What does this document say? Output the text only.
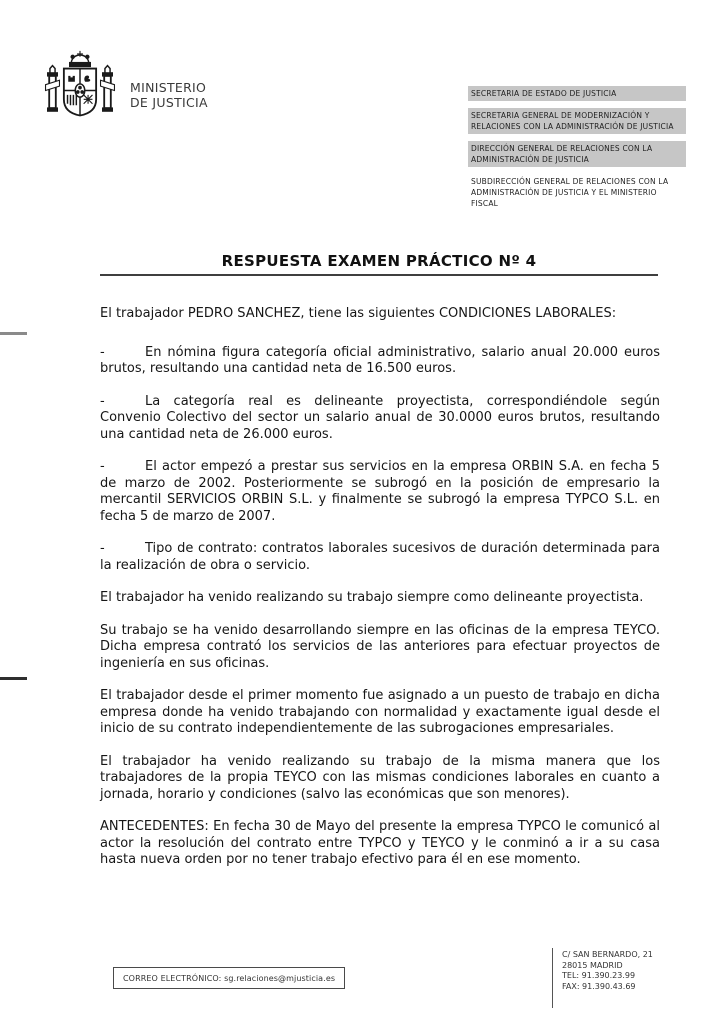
MINISTERIO
DE JUSTICIA
SECRETARIA DE ESTADO DE JUSTICIA
SECRETARIA GENERAL DE MODERNIZACIÓN Y RELACIONES CON LA ADMINISTRACIÓN DE JUSTICIA
DIRECCIÓN GENERAL DE RELACIONES CON LA ADMINISTRACIÓN DE JUSTICIA
SUBDIRECCIÓN GENERAL DE RELACIONES CON LA ADMINISTRACIÓN DE JUSTICIA Y EL MINISTERIO FISCAL
RESPUESTA EXAMEN PRÁCTICO Nº 4

El trabajador PEDRO SANCHEZ, tiene las siguientes CONDICIONES LABORALES:

-	En nómina figura categoría oficial administrativo, salario anual 20.000 euros brutos, resultando una cantidad neta de 16.500 euros.

-	La categoría real es delineante proyectista, correspondiéndole según Convenio Colectivo del sector un salario anual de 30.0000 euros brutos, resultando una cantidad neta de 26.000 euros.

-	El actor empezó a prestar sus servicios en la empresa ORBIN S.A. en fecha 5 de marzo de 2002. Posteriormente se subrogó en la posición de empresario la mercantil SERVICIOS ORBIN S.L. y finalmente se subrogó la empresa TYPCO S.L. en fecha 5 de marzo de 2007.

-	Tipo de contrato: contratos laborales sucesivos de duración determinada para la realización de obra o servicio.

El trabajador ha venido realizando su trabajo siempre como delineante proyectista.

Su trabajo se ha venido desarrollando siempre en las oficinas de la empresa TEYCO. Dicha empresa contrató los servicios de las anteriores para efectuar proyectos de ingeniería en sus oficinas.

El trabajador desde el primer momento fue asignado a un puesto de trabajo en dicha empresa donde ha venido trabajando con normalidad y exactamente igual desde el inicio de su contrato independientemente de las subrogaciones empresariales.

El trabajador ha venido realizando su trabajo de la misma manera que los trabajadores de la propia TEYCO con las mismas condiciones laborales en cuanto a jornada, horario y condiciones (salvo las económicas que son menores).

ANTECEDENTES: En fecha 30 de Mayo del presente la empresa TYPCO le comunicó al actor la resolución del contrato entre TYPCO y TEYCO y le conminó a ir a su casa hasta nueva orden por no tener trabajo efectivo para él en ese momento.

CORREO ELECTRÓNICO: sg.relaciones@mjusticia.es
C/ SAN BERNARDO, 21
28015 MADRID
TEL: 91.390.23.99
FAX: 91.390.43.69
